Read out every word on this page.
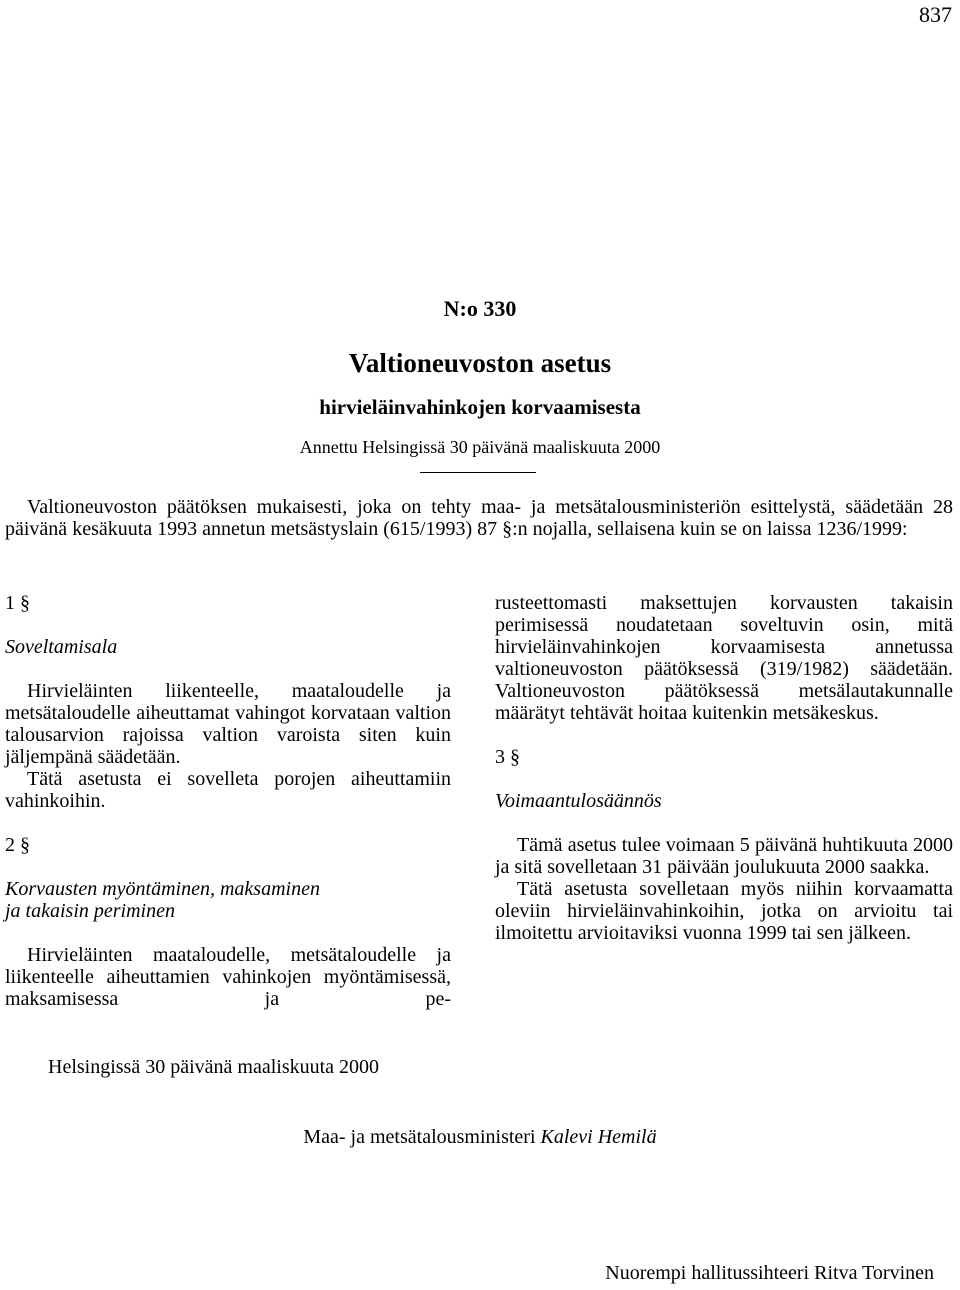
837
N:o 330
Valtioneuvoston asetus
hirvieläinvahinkojen korvaamisesta
Annettu Helsingissä 30 päivänä maaliskuuta 2000

Valtioneuvoston päätöksen mukaisesti, joka on tehty maa- ja metsätalousministeriön esittelystä, säädetään 28 päivänä kesäkuuta 1993 annetun metsästyslain (615/1993) 87 §:n nojalla, sellaisena kuin se on laissa 1236/1999:

1 §

Soveltamisala

Hirvieläinten liikenteelle, maataloudelle ja metsätaloudelle aiheuttamat vahingot korvataan valtion talousarvion rajoissa valtion varoista siten kuin jäljempänä säädetään.

Tätä asetusta ei sovelleta porojen aiheuttamiin vahinkoihin.

2 §

Korvausten myöntäminen, maksaminen

ja takaisin periminen

Hirvieläinten maataloudelle, metsätaloudelle ja liikenteelle aiheuttamien vahinkojen myöntämisessä, maksamisessa ja pe-

rusteettomasti maksettujen korvausten takaisin perimisessä noudatetaan soveltuvin osin, mitä hirvieläinvahinkojen korvaamisesta annetussa valtioneuvoston päätöksessä (319/1982) säädetään. Valtioneuvoston päätöksessä metsälautakunnalle määrätyt tehtävät hoitaa kuitenkin metsäkeskus.

3 §

Voimaantulosäännös

Tämä asetus tulee voimaan 5 päivänä huhtikuuta 2000 ja sitä sovelletaan 31 päivään joulukuuta 2000 saakka.

Tätä asetusta sovelletaan myös niihin korvaamatta oleviin hirvieläinvahinkoihin, jotka on arvioitu tai ilmoitettu arvioitaviksi vuonna 1999 tai sen jälkeen.

Helsingissä 30 päivänä maaliskuuta 2000
Maa- ja metsätalousministeri Kalevi Hemilä
Nuorempi hallitussihteeri Ritva Torvinen
